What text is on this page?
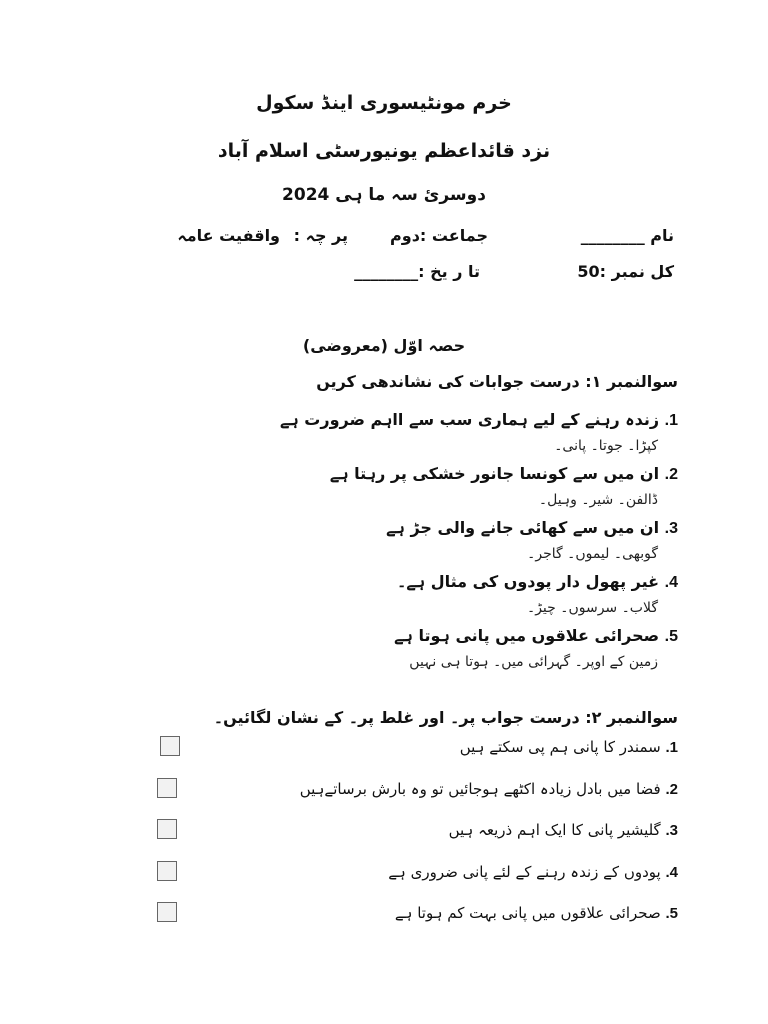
خرم مونٹیسوری اینڈ سکول
نزد قائداعظم یونیورسٹی اسلام آباد
دوسرئ سہ ما ہی 2024
نام ________
جماعت :دوم
پر چہ :
واقفیت عامہ
کل نمبر :50
تا ر یخ :________
حصہ اوّل (معروضی)
سوالنمبر ۱: درست جوابات کی نشاندھی کریں
1. زندہ رہنے کے لیے ہماری سب سے ااہم ضرورت ہے
کپڑا۔ جوتا۔ پانی۔
2. ان میں سے کونسا جانور خشکی پر رہتا ہے
ڈالفن۔ شیر۔ وہیل۔
3. ان میں سے کھائی جانے والی جڑ ہے
گوبھی۔ لیموں۔ گاجر۔
4. غیر پھول دار پودوں کی مثال ہے۔
گلاب۔ سرسوں۔ چیڑ۔
5. صحرائی علاقوں میں پانی ہوتا ہے
زمین کے اوپر۔ گہرائی میں۔ ہوتا ہی نہیں
سوالنمبر ۲: درست جواب پر۔ اور غلط پر۔ کے نشان لگائیں۔
1. سمندر کا پانی ہم پی سکتے ہیں
2. فضا میں بادل زیادہ اکٹھے ہوجائیں تو وہ بارش برساتےہیں
3. گلیشیر پانی کا ایک اہم ذریعہ ہیں
4. پودوں کے زندہ رہنے کے لئے پانی ضروری ہے
5. صحرائی علاقوں میں پانی بہت کم ہوتا ہے
